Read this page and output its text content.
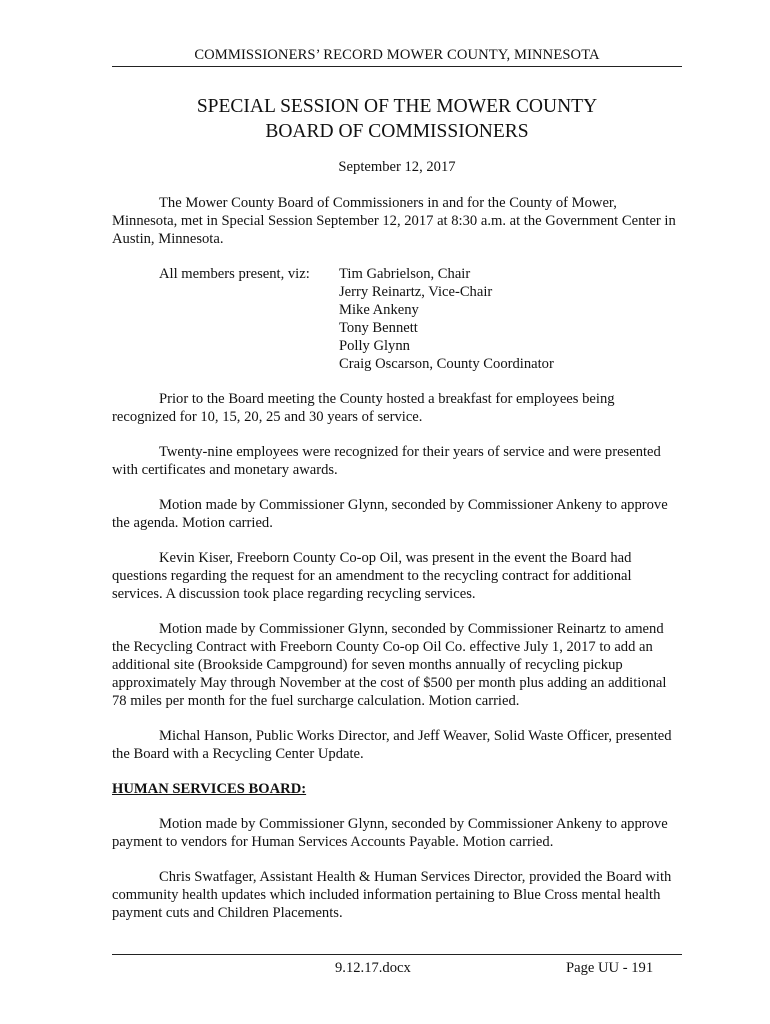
COMMISSIONERS’ RECORD MOWER COUNTY, MINNESOTA
SPECIAL SESSION OF THE MOWER COUNTY
BOARD OF COMMISSIONERS
September 12, 2017

The Mower County Board of Commissioners in and for the County of Mower, Minnesota, met in Special Session September 12, 2017 at 8:30 a.m. at the Government Center in Austin, Minnesota.

All members present, viz:	Tim Gabrielson, Chair
Jerry Reinartz, Vice-Chair
Mike Ankeny
Tony Bennett
Polly Glynn
Craig Oscarson, County Coordinator

Prior to the Board meeting the County hosted a breakfast for employees being recognized for 10, 15, 20, 25 and 30 years of service.

Twenty-nine employees were recognized for their years of service and were presented with certificates and monetary awards.

Motion made by Commissioner Glynn, seconded by Commissioner Ankeny to approve the agenda. Motion carried.

Kevin Kiser, Freeborn County Co-op Oil, was present in the event the Board had questions regarding the request for an amendment to the recycling contract for additional services. A discussion took place regarding recycling services.

Motion made by Commissioner Glynn, seconded by Commissioner Reinartz to amend the Recycling Contract with Freeborn County Co-op Oil Co. effective July 1, 2017 to add an additional site (Brookside Campground) for seven months annually of recycling pickup approximately May through November at the cost of $500 per month plus adding an additional 78 miles per month for the fuel surcharge calculation. Motion carried.

Michal Hanson, Public Works Director, and Jeff Weaver, Solid Waste Officer, presented the Board with a Recycling Center Update.

HUMAN SERVICES BOARD:

Motion made by Commissioner Glynn, seconded by Commissioner Ankeny to approve payment to vendors for Human Services Accounts Payable. Motion carried.

Chris Swatfager, Assistant Health & Human Services Director, provided the Board with community health updates which included information pertaining to Blue Cross mental health payment cuts and Children Placements.

9.12.17.docx	Page UU - 191
